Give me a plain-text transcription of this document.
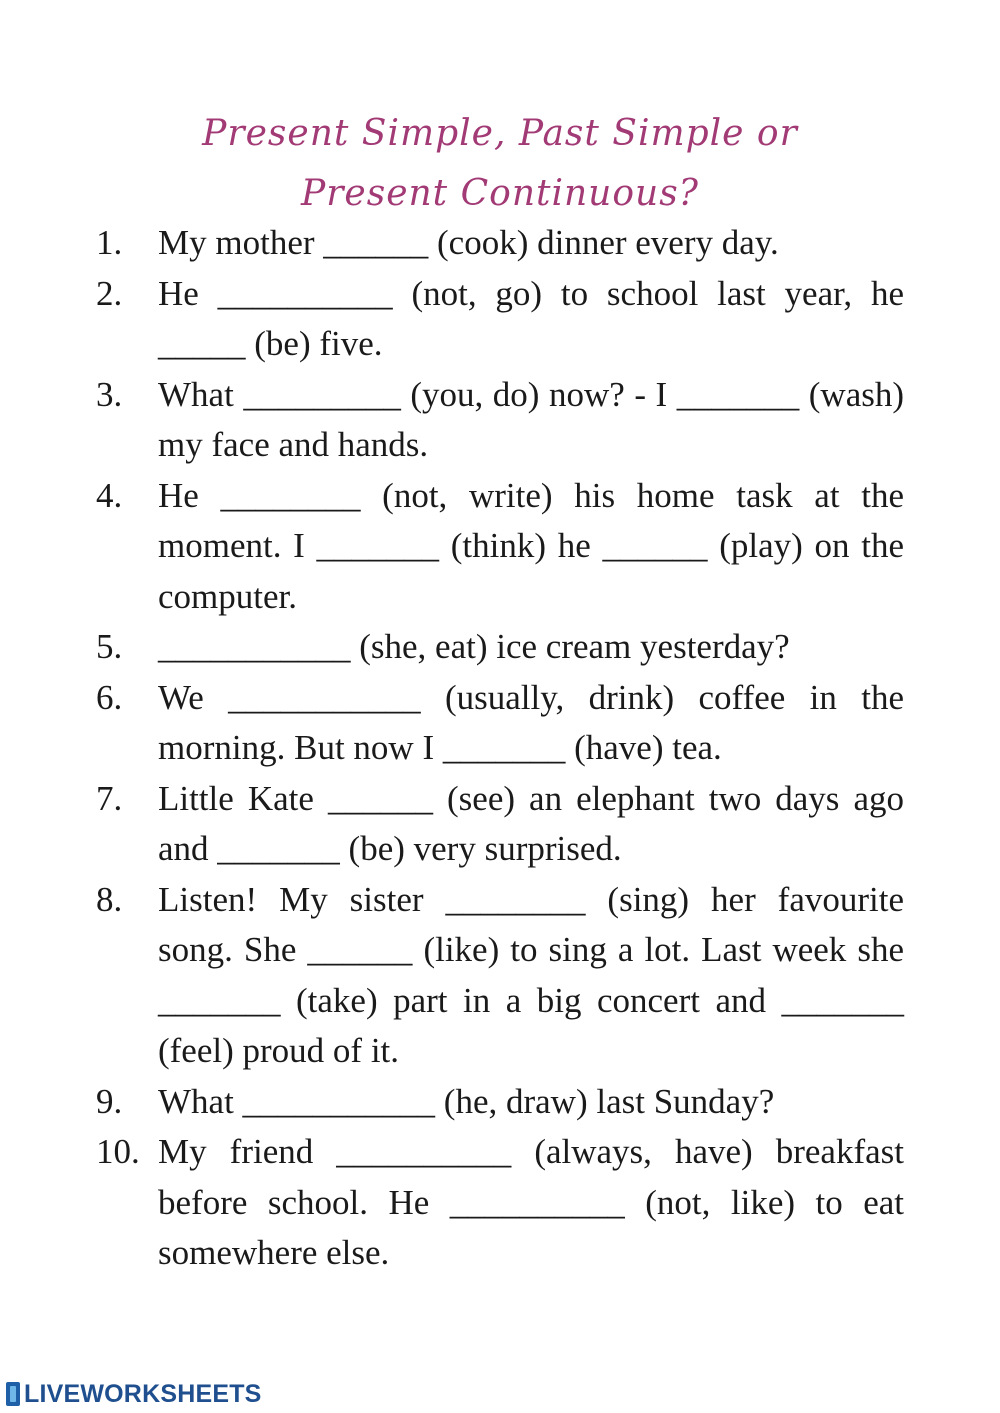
Present Simple, Past Simple or
Present Continuous?
1. My mother ______ (cook) dinner every day.
2. He __________ (not, go) to school last year, he _____ (be) five.
3. What _________ (you, do) now? - I _______ (wash) my face and hands.
4. He ________ (not, write) his home task at the moment. I _______ (think) he ______ (play) on the computer.
5. ___________ (she, eat) ice cream yesterday?
6. We ___________ (usually, drink) coffee in the morning. But now I _______ (have) tea.
7. Little Kate ______ (see) an elephant two days ago and _______ (be) very surprised.
8. Listen! My sister ________ (sing) her favourite song. She ______ (like) to sing a lot. Last week she _______ (take) part in a big concert and _______ (feel) proud of it.
9. What ___________ (he, draw) last Sunday?
10. My friend __________ (always, have) breakfast before school. He __________ (not, like) to eat somewhere else.
LIVEWORKSHEETS
